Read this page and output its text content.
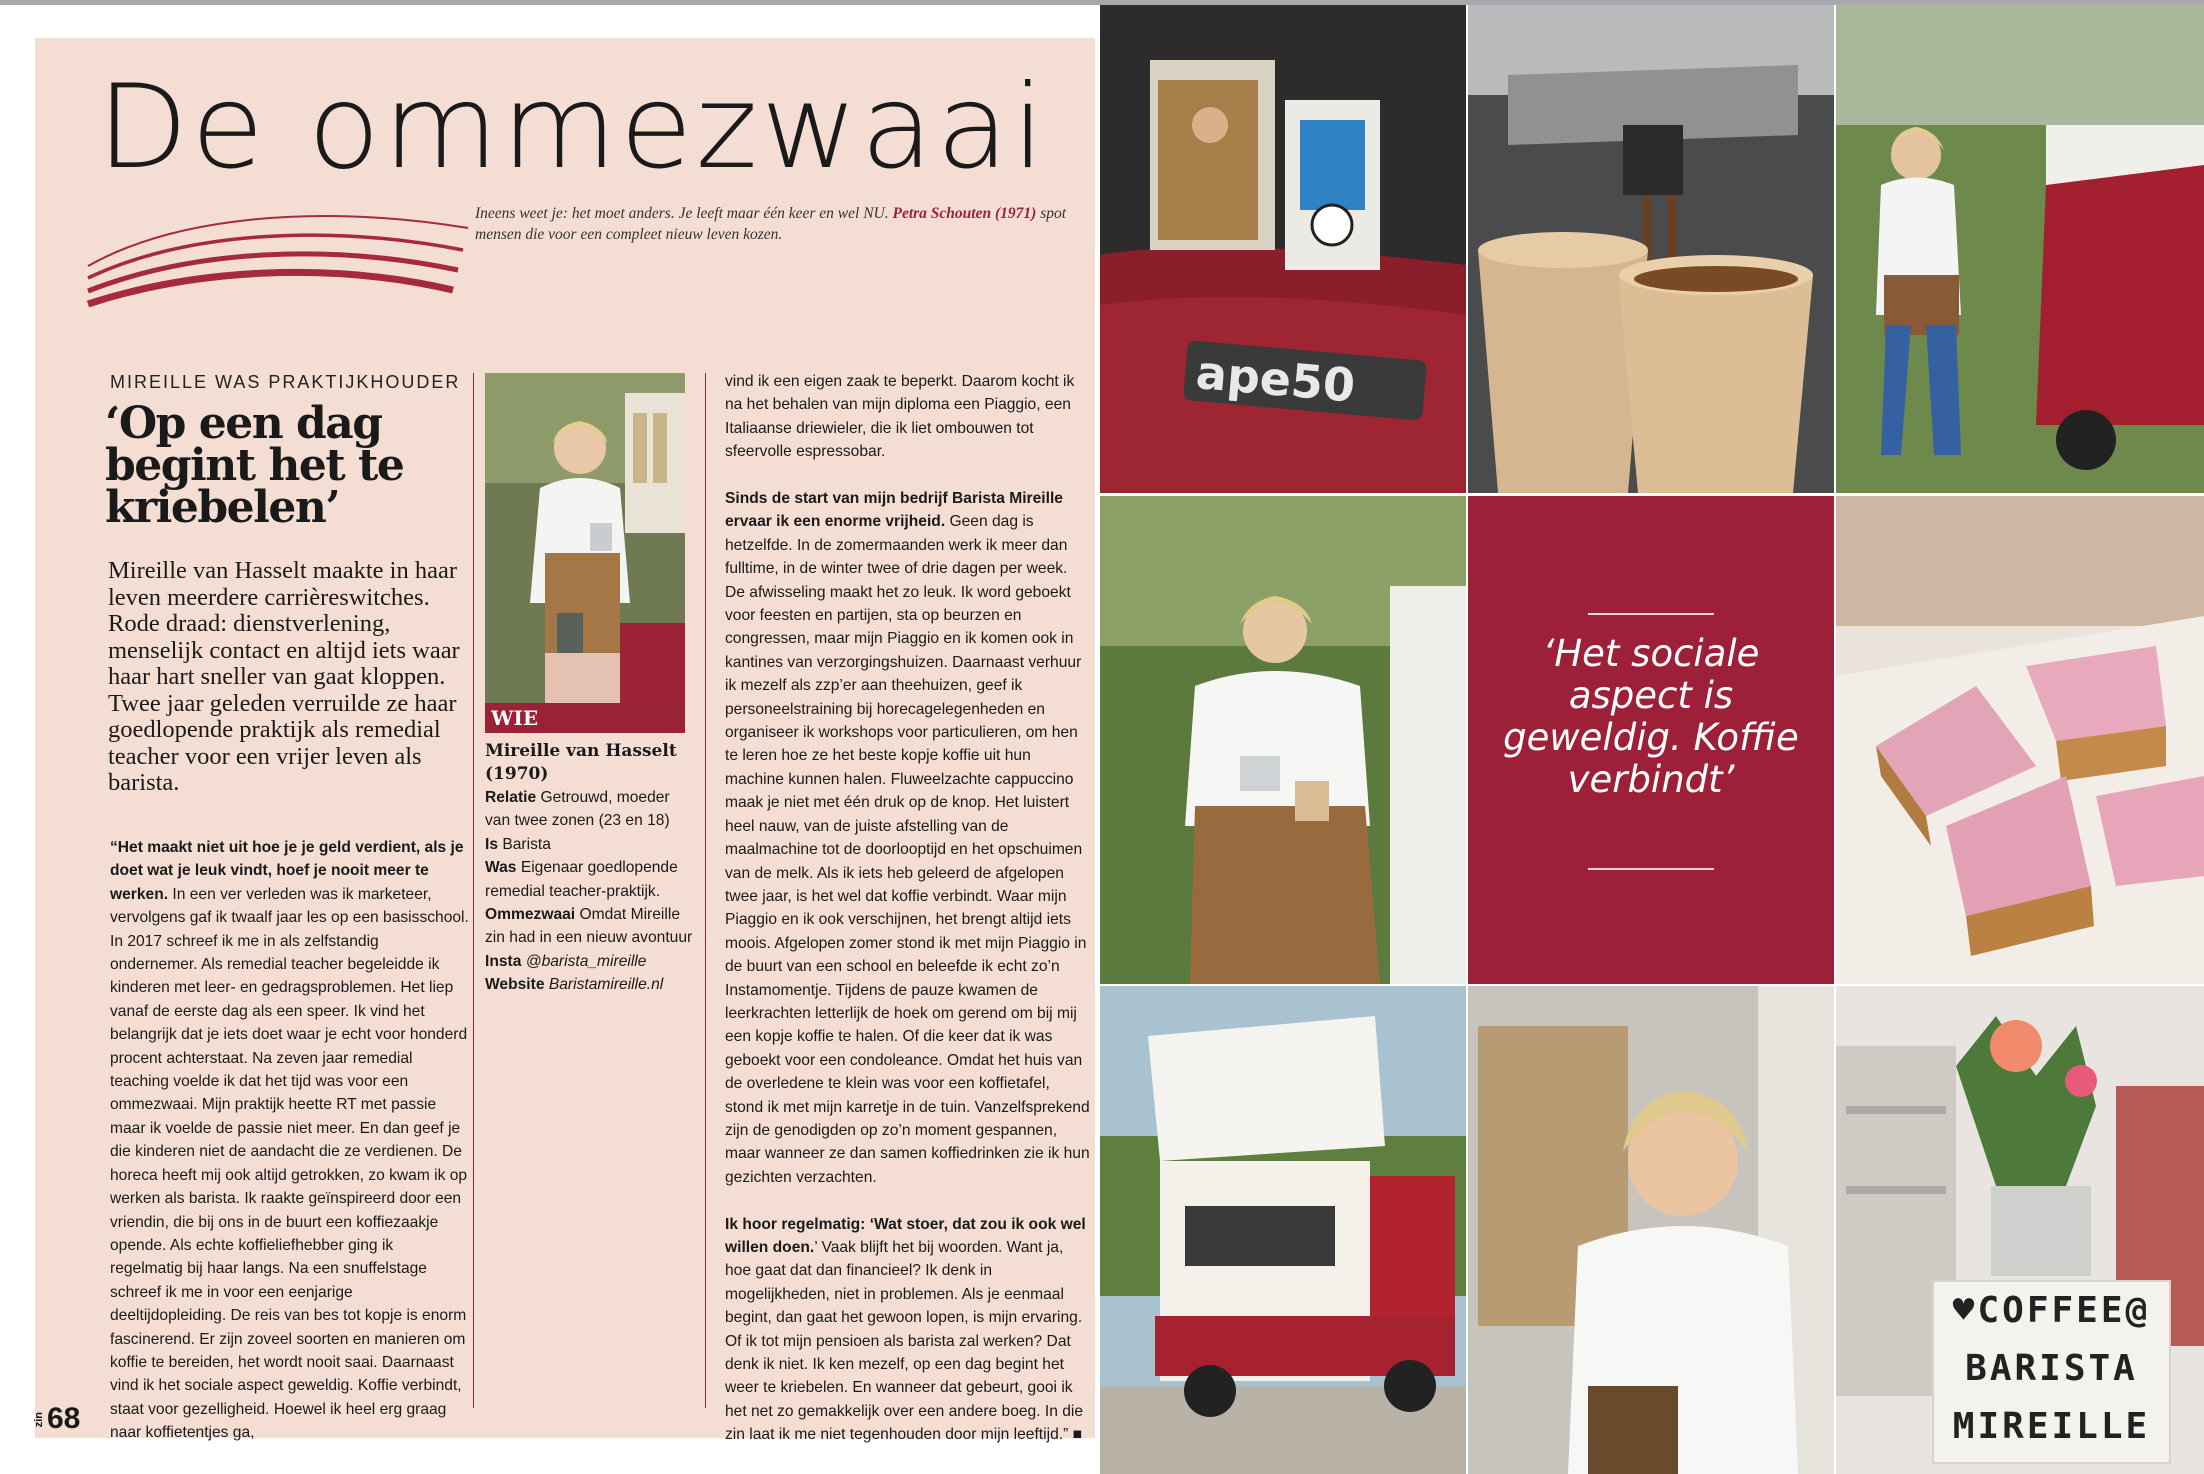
De ommezwaai
Ineens weet je: het moet anders. Je leeft maar één keer en wel NU. Petra Schouten (1971) spot mensen die voor een compleet nieuw leven kozen.
MIREILLE WAS PRAKTIJKHOUDER
‘Op een dag begint het te kriebelen’
Mireille van Hasselt maakte in haar leven meerdere carrièreswitches. Rode draad: dienstverlening, menselijk contact en altijd iets waar haar hart sneller van gaat kloppen. Twee jaar geleden verruilde ze haar goedlopende praktijk als remedial teacher voor een vrijer leven als barista.

“Het maakt niet uit hoe je je geld verdient, als je doet wat je leuk vindt, hoef je nooit meer te werken. In een ver verleden was ik marketeer, vervolgens gaf ik twaalf jaar les op een basisschool. In 2017 schreef ik me in als zelfstandig ondernemer. Als remedial teacher begeleidde ik kinderen met leer- en gedragsproblemen. Het liep vanaf de eerste dag als een speer. Ik vind het belangrijk dat je iets doet waar je echt voor honderd procent achterstaat. Na zeven jaar remedial teaching voelde ik dat het tijd was voor een ommezwaai. Mijn praktijk heette RT met passie maar ik voelde de passie niet meer. En dan geef je die kinderen niet de aandacht die ze verdienen. De horeca heeft mij ook altijd getrokken, zo kwam ik op werken als barista. Ik raakte geïnspireerd door een vriendin, die bij ons in de buurt een koffiezaakje opende. Als echte koffieliefhebber ging ik regelmatig bij haar langs. Na een snuffelstage schreef ik me in voor een eenjarige deeltijdopleiding. De reis van bes tot kopje is enorm fascinerend. Er zijn zoveel soorten en manieren om koffie te bereiden, het wordt nooit saai. Daarnaast vind ik het sociale aspect geweldig. Koffie verbindt, staat voor gezelligheid. Hoewel ik heel erg graag naar koffietentjes ga,

WIE
Mireille van Hasselt (1970)

Relatie Getrouwd, moeder van twee zonen (23 en 18)

Is Barista

Was Eigenaar goedlopende remedial teacher-praktijk.

Ommezwaai Omdat Mireille zin had in een nieuw avontuur

Insta @barista_mireille

Website Baristamireille.nl

vind ik een eigen zaak te beperkt. Daarom kocht ik na het behalen van mijn diploma een Piaggio, een Italiaanse driewieler, die ik liet ombouwen tot sfeervolle espressobar.

Sinds de start van mijn bedrijf Barista Mireille ervaar ik een enorme vrijheid. Geen dag is hetzelfde. In de zomermaanden werk ik meer dan fulltime, in de winter twee of drie dagen per week. De afwisseling maakt het zo leuk. Ik word geboekt voor feesten en partijen, sta op beurzen en congressen, maar mijn Piaggio en ik komen ook in kantines van verzorgingshuizen. Daarnaast verhuur ik mezelf als zzp’er aan theehuizen, geef ik personeelstraining bij horecagelegenheden en organiseer ik workshops voor particulieren, om hen te leren hoe ze het beste kopje koffie uit hun machine kunnen halen. Fluweelzachte cappuccino maak je niet met één druk op de knop. Het luistert heel nauw, van de juiste afstelling van de maalmachine tot de doorlooptijd en het opschuimen van de melk. Als ik iets heb geleerd de afgelopen twee jaar, is het wel dat koffie verbindt. Waar mijn Piaggio en ik ook verschijnen, het brengt altijd iets moois. Afgelopen zomer stond ik met mijn Piaggio in de buurt van een school en beleefde ik echt zo’n Instamomentje. Tijdens de pauze kwamen de leerkrachten letterlijk de hoek om gerend om bij mij een kopje koffie te halen. Of die keer dat ik was geboekt voor een condoleance. Omdat het huis van de overledene te klein was voor een koffietafel, stond ik met mijn karretje in de tuin. Vanzelfsprekend zijn de genodigden op zo’n moment gespannen, maar wanneer ze dan samen koffiedrinken zie ik hun gezichten verzachten.

Ik hoor regelmatig: ‘Wat stoer, dat zou ik ook wel willen doen.’ Vaak blijft het bij woorden. Want ja, hoe gaat dat dan financieel? Ik denk in mogelijkheden, niet in problemen. Als je eenmaal begint, dan gaat het gewoon lopen, is mijn ervaring. Of ik tot mijn pensioen als barista zal werken? Dat denk ik niet. Ik ken mezelf, op een dag begint het weer te kriebelen. En wanneer dat gebeurt, gooi ik het net zo gemakkelijk over een andere boeg. In die zin laat ik me niet tegenhouden door mijn leeftijd.” ■

zin68
ape50
‘Het sociale aspect is geweldig. Koffie verbindt’
♥COFFEE@
BARISTA
MIREILLE
